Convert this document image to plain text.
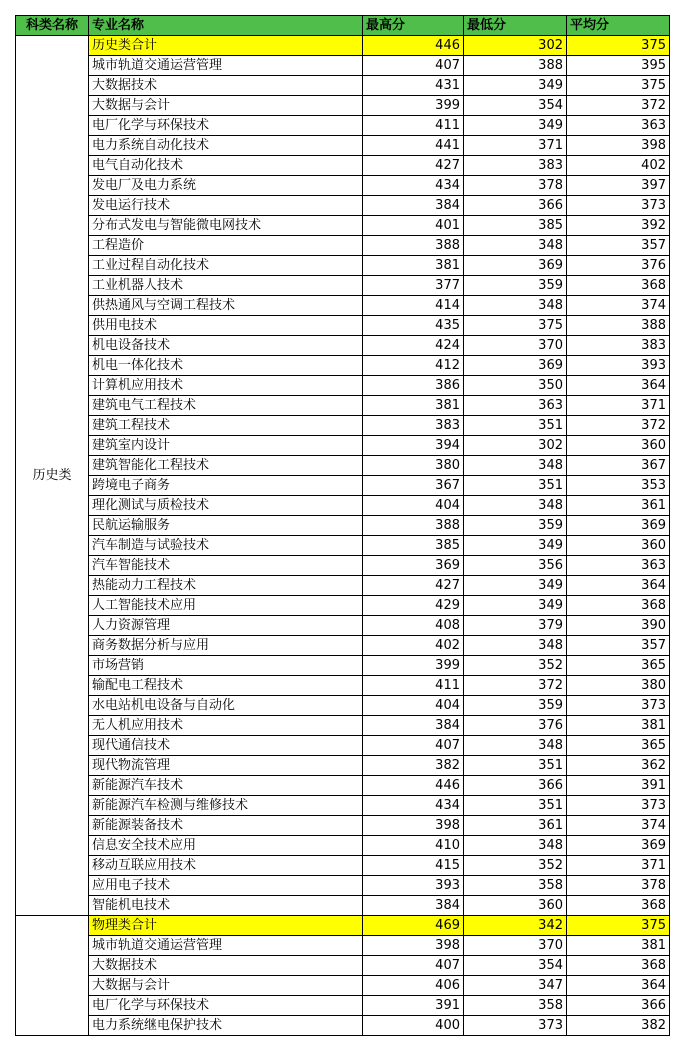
科类名称	专业名称	最高分	最低分	平均分
历史类	历史类合计	446	302	375
	城市轨道交通运营管理	407	388	395
	大数据技术	431	349	375
	大数据与会计	399	354	372
	电厂化学与环保技术	411	349	363
	电力系统自动化技术	441	371	398
	电气自动化技术	427	383	402
	发电厂及电力系统	434	378	397
	发电运行技术	384	366	373
	分布式发电与智能微电网技术	401	385	392
	工程造价	388	348	357
	工业过程自动化技术	381	369	376
	工业机器人技术	377	359	368
	供热通风与空调工程技术	414	348	374
	供用电技术	435	375	388
	机电设备技术	424	370	383
	机电一体化技术	412	369	393
	计算机应用技术	386	350	364
	建筑电气工程技术	381	363	371
	建筑工程技术	383	351	372
	建筑室内设计	394	302	360
	建筑智能化工程技术	380	348	367
	跨境电子商务	367	351	353
	理化测试与质检技术	404	348	361
	民航运输服务	388	359	369
	汽车制造与试验技术	385	349	360
	汽车智能技术	369	356	363
	热能动力工程技术	427	349	364
	人工智能技术应用	429	349	368
	人力资源管理	408	379	390
	商务数据分析与应用	402	348	357
	市场营销	399	352	365
	输配电工程技术	411	372	380
	水电站机电设备与自动化	404	359	373
	无人机应用技术	384	376	381
	现代通信技术	407	348	365
	现代物流管理	382	351	362
	新能源汽车技术	446	366	391
	新能源汽车检测与维修技术	434	351	373
	新能源装备技术	398	361	374
	信息安全技术应用	410	348	369
	移动互联应用技术	415	352	371
	应用电子技术	393	358	378
	智能机电技术	384	360	368
	物理类合计	469	342	375
	城市轨道交通运营管理	398	370	381
	大数据技术	407	354	368
	大数据与会计	406	347	364
	电厂化学与环保技术	391	358	366
	电力系统继电保护技术	400	373	382
